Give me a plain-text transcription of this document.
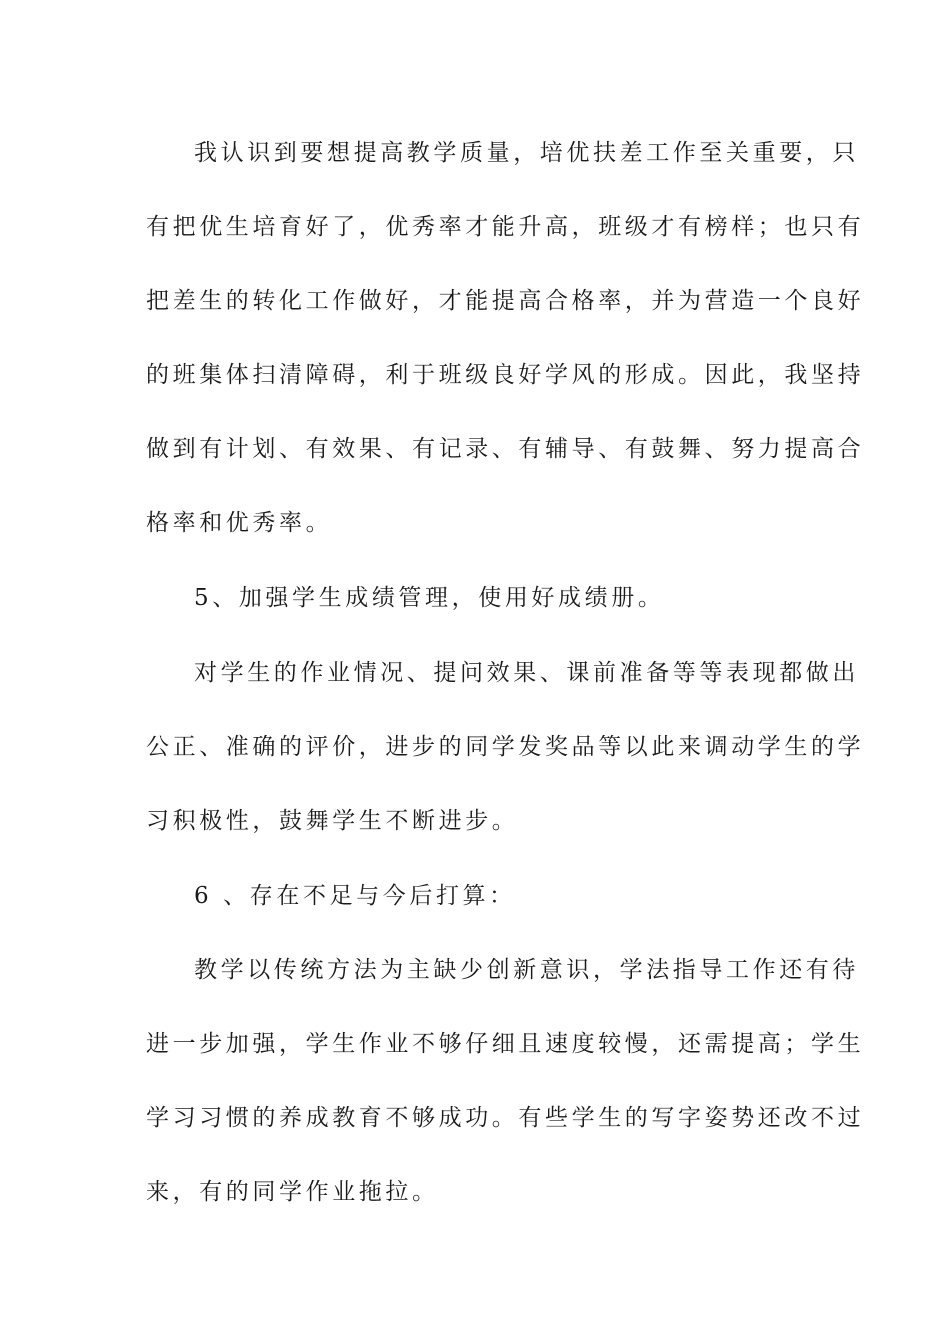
我认识到要想提高教学质量，培优扶差工作至关重要，只
有把优生培育好了，优秀率才能升高，班级才有榜样；也只有
把差生的转化工作做好，才能提高合格率，并为营造一个良好
的班集体扫清障碍，利于班级良好学风的形成。因此，我坚持
做到有计划、有效果、有记录、有辅导、有鼓舞、努力提高合
格率和优秀率。
5、加强学生成绩管理，使用好成绩册。
对学生的作业情况、提问效果、课前准备等等表现都做出
公正、准确的评价，进步的同学发奖品等以此来调动学生的学
习积极性，鼓舞学生不断进步。
6 、存在不足与今后打算：
教学以传统方法为主缺少创新意识，学法指导工作还有待
进一步加强，学生作业不够仔细且速度较慢，还需提高；学生
学习习惯的养成教育不够成功。有些学生的写字姿势还改不过
来，有的同学作业拖拉。
